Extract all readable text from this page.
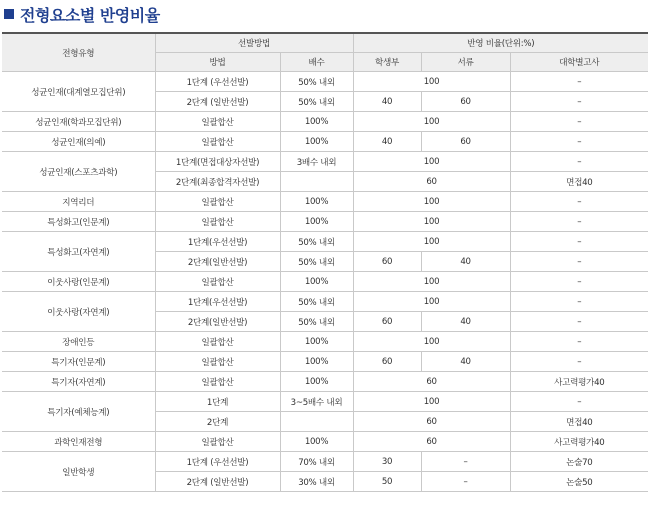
전형요소별 반영비율
전형유형	선발방법		반영 비율(단위:%)		
	방법	배수	학생부	서류	대학별고사
성균인재(대계열모집단위)	1단계 (우선선발)	50% 내외	100		–
	2단계 (일반선발)	50% 내외	40	60	–
성균인재(학과모집단위)	일괄합산	100%	100		–
성균인재(의예)	일괄합산	100%	40	60	–
성균인재(스포츠과학)	1단계(면접대상자선발)	3배수 내외	100		–
	2단계(최종합격자선발)		60		면접40
지역리더	일괄합산	100%	100		–
특성화고(인문계)	일괄합산	100%	100		–
특성화고(자연계)	1단계(우선선발)	50% 내외	100		–
	2단계(일반선발)	50% 내외	60	40	–
이웃사랑(인문계)	일괄합산	100%	100		–
이웃사랑(자연계)	1단계(우선선발)	50% 내외	100		–
	2단계(일반선발)	50% 내외	60	40	–
장애인등	일괄합산	100%	100		–
특기자(인문계)	일괄합산	100%	60	40	–
특기자(자연계)	일괄합산	100%	60		사고력평가40
특기자(예체능계)	1단계	3~5배수 내외	100		–
	2단계		60		면접40
과학인재전형	일괄합산	100%	60		사고력평가40
일반학생	1단계 (우선선발)	70% 내외	30	–	논술70
	2단계 (일반선발)	30% 내외	50	–	논술50
